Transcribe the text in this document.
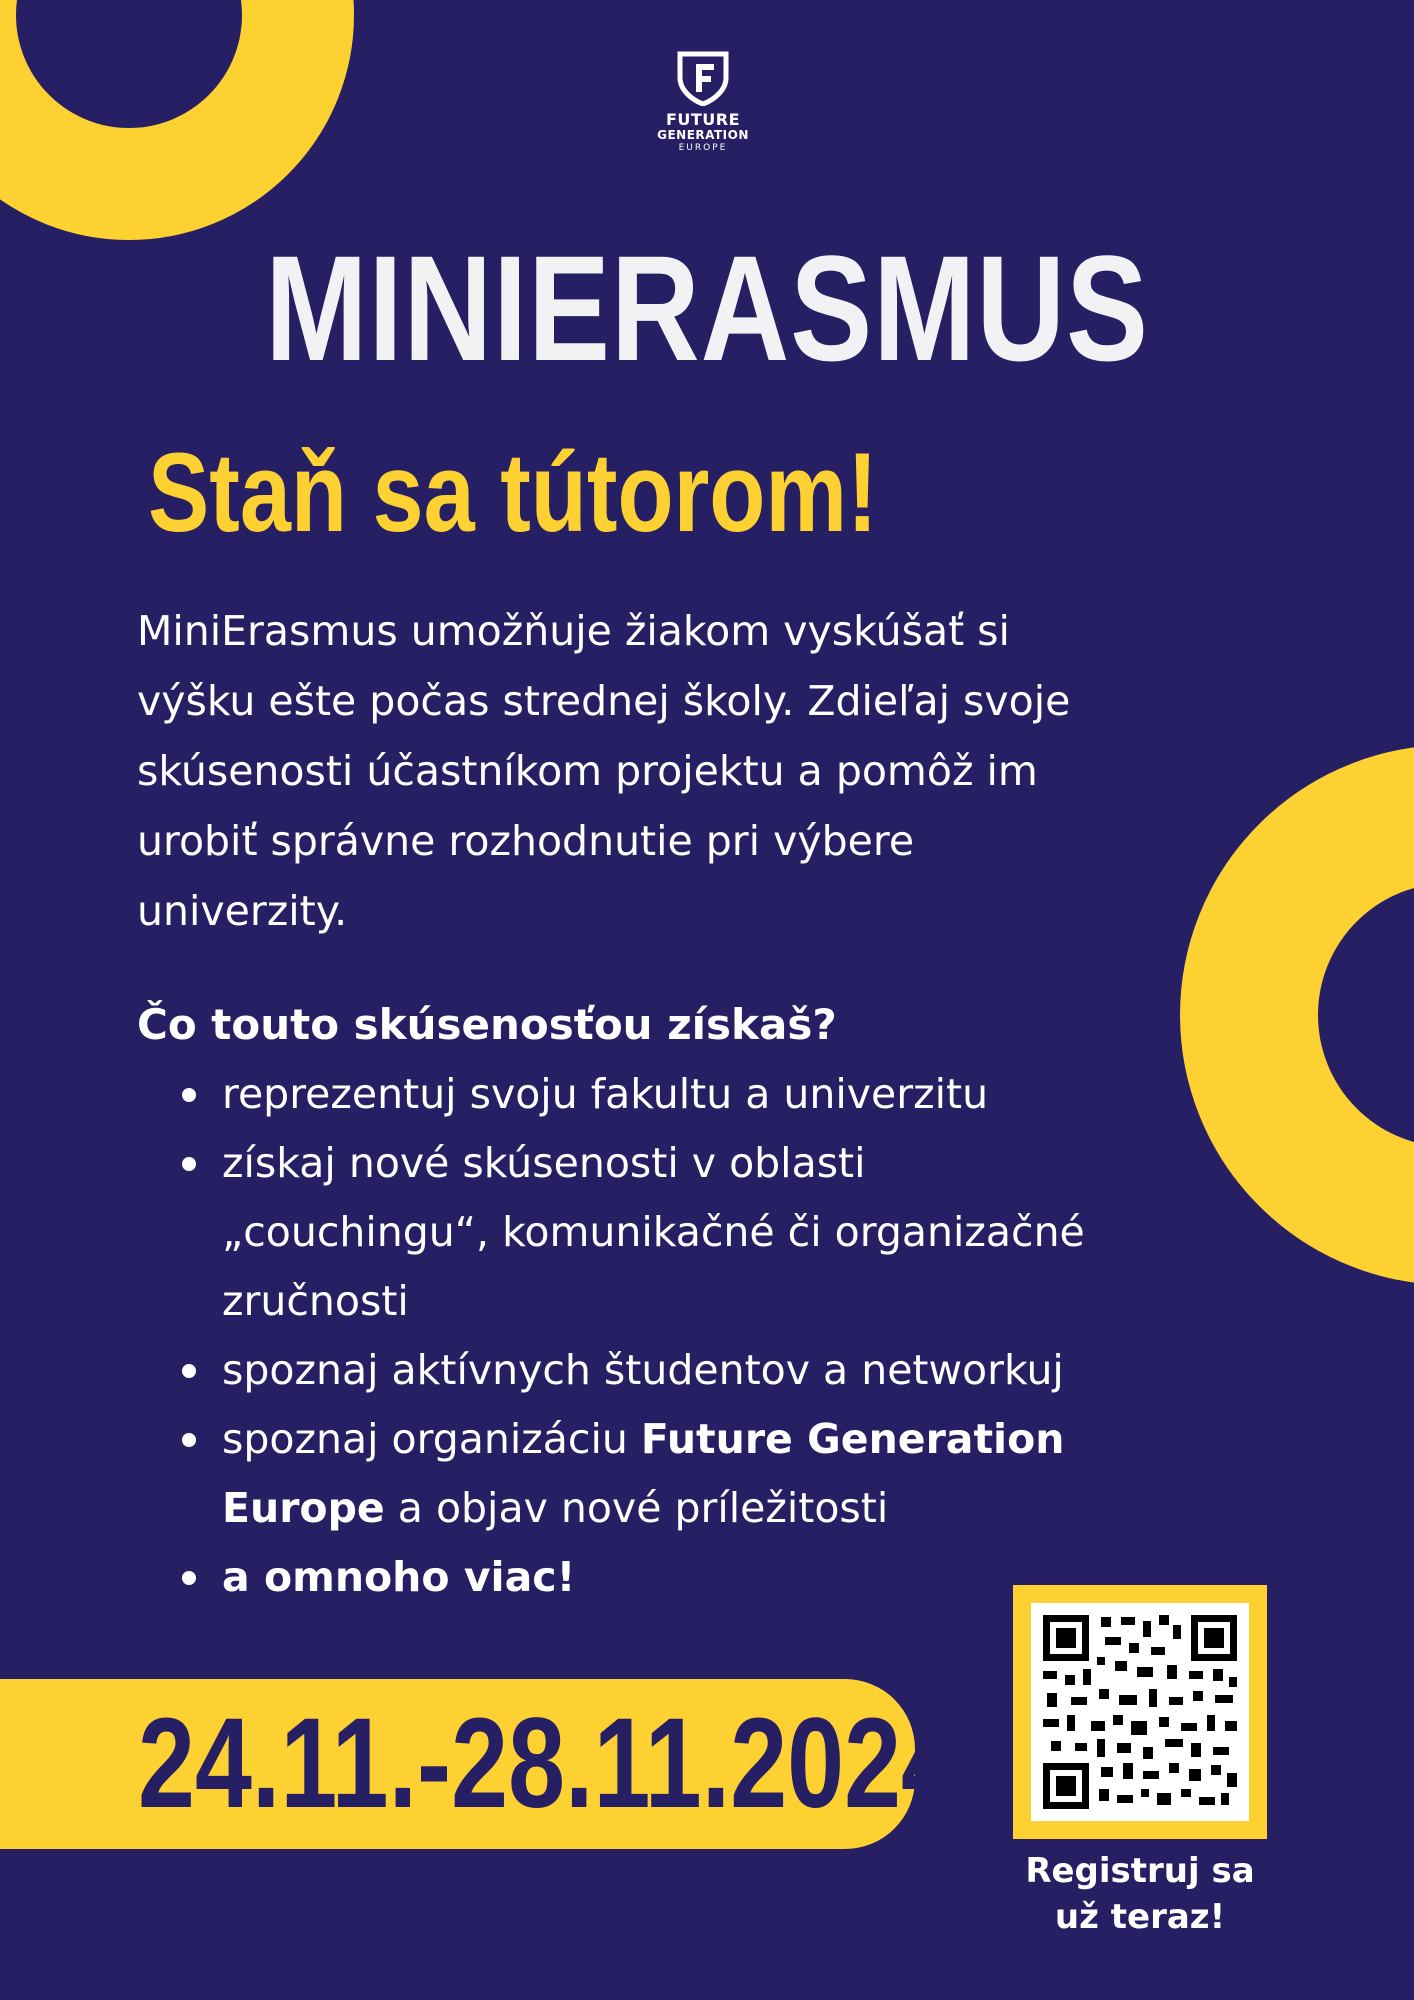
FUTURE
GENERATION
EUROPE
MINIERASMUS
Staň sa tútorom!

MiniErasmus umožňuje žiakom vyskúšať si
výšku ešte počas strednej školy. Zdieľaj svoje
skúsenosti účastníkom projektu a pomôž im
urobiť správne rozhodnutie pri výbere
univerzity.

Čo touto skúsenosťou získaš?
reprezentuj svoju fakultu a univerzitu
získaj nové skúsenosti v oblasti
„couchingu“, komunikačné či organizačné
zručnosti
spoznaj aktívnych študentov a networkuj
spoznaj organizáciu Future Generation
Europe a objav nové príležitosti
a omnoho viac!
24.11.-28.11.2024
Registruj sa
už teraz!
